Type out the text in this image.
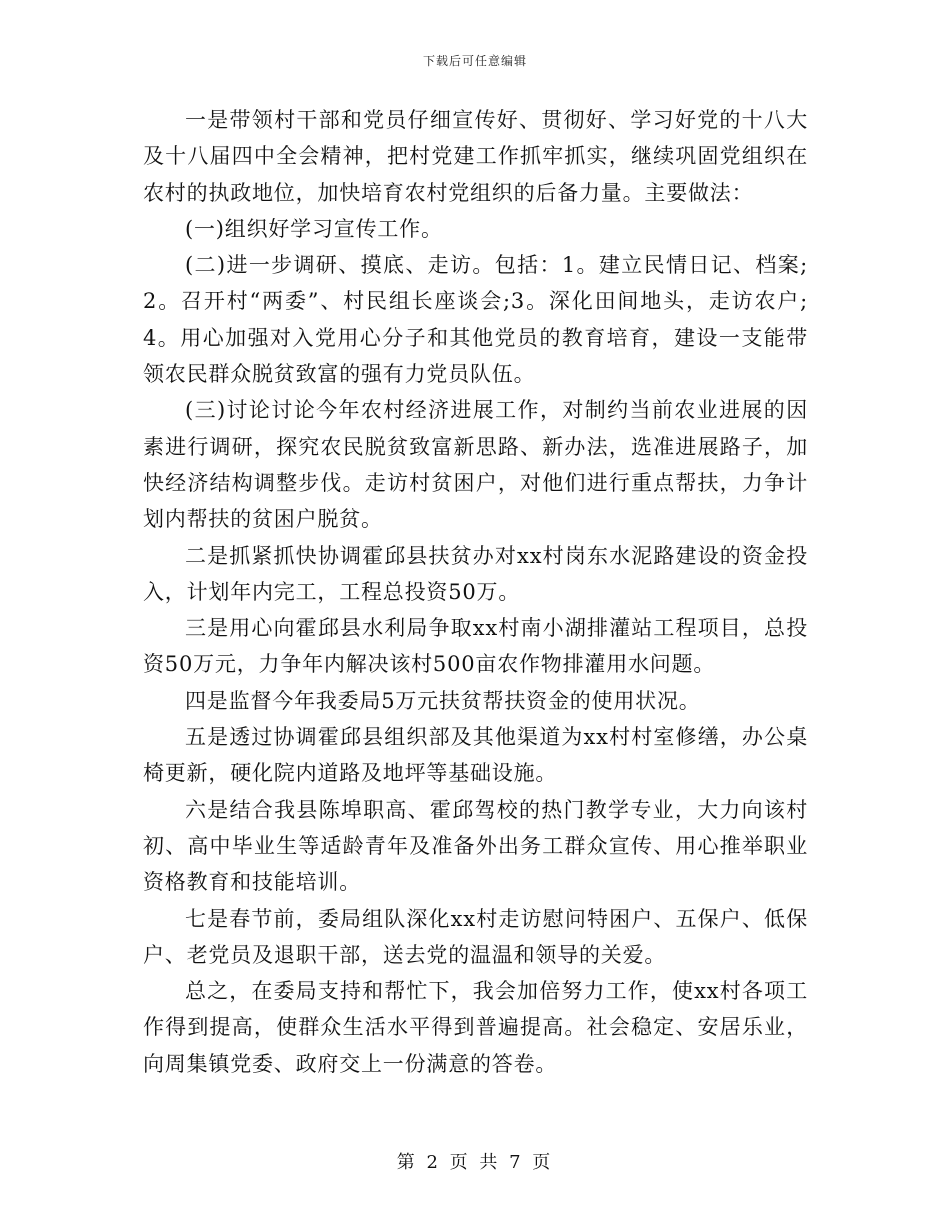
下载后可任意编辑

一是带领村干部和党员仔细宣传好、贯彻好、学习好党的十八大及十八届四中全会精神，把村党建工作抓牢抓实，继续巩固党组织在农村的执政地位，加快培育农村党组织的后备力量。主要做法：

(一)组织好学习宣传工作。

(二)进一步调研、摸底、走访。包括：1。建立民情日记、档案;2。召开村“两委”、村民组长座谈会;3。深化田间地头，走访农户;4。用心加强对入党用心分子和其他党员的教育培育，建设一支能带领农民群众脱贫致富的强有力党员队伍。

(三)讨论讨论今年农村经济进展工作，对制约当前农业进展的因素进行调研，探究农民脱贫致富新思路、新办法，选准进展路子，加快经济结构调整步伐。走访村贫困户，对他们进行重点帮扶，力争计划内帮扶的贫困户脱贫。

二是抓紧抓快协调霍邱县扶贫办对xx村岗东水泥路建设的资金投入，计划年内完工，工程总投资50万。

三是用心向霍邱县水利局争取xx村南小湖排灌站工程项目，总投资50万元，力争年内解决该村500亩农作物排灌用水问题。

四是监督今年我委局5万元扶贫帮扶资金的使用状况。

五是透过协调霍邱县组织部及其他渠道为xx村村室修缮，办公桌椅更新，硬化院内道路及地坪等基础设施。

六是结合我县陈埠职高、霍邱驾校的热门教学专业，大力向该村初、高中毕业生等适龄青年及准备外出务工群众宣传、用心推举职业资格教育和技能培训。

七是春节前，委局组队深化xx村走访慰问特困户、五保户、低保户、老党员及退职干部，送去党的温温和领导的关爱。

总之，在委局支持和帮忙下，我会加倍努力工作，使xx村各项工作得到提高，使群众生活水平得到普遍提高。社会稳定、安居乐业，向周集镇党委、政府交上一份满意的答卷。

第 2 页 共 7 页
